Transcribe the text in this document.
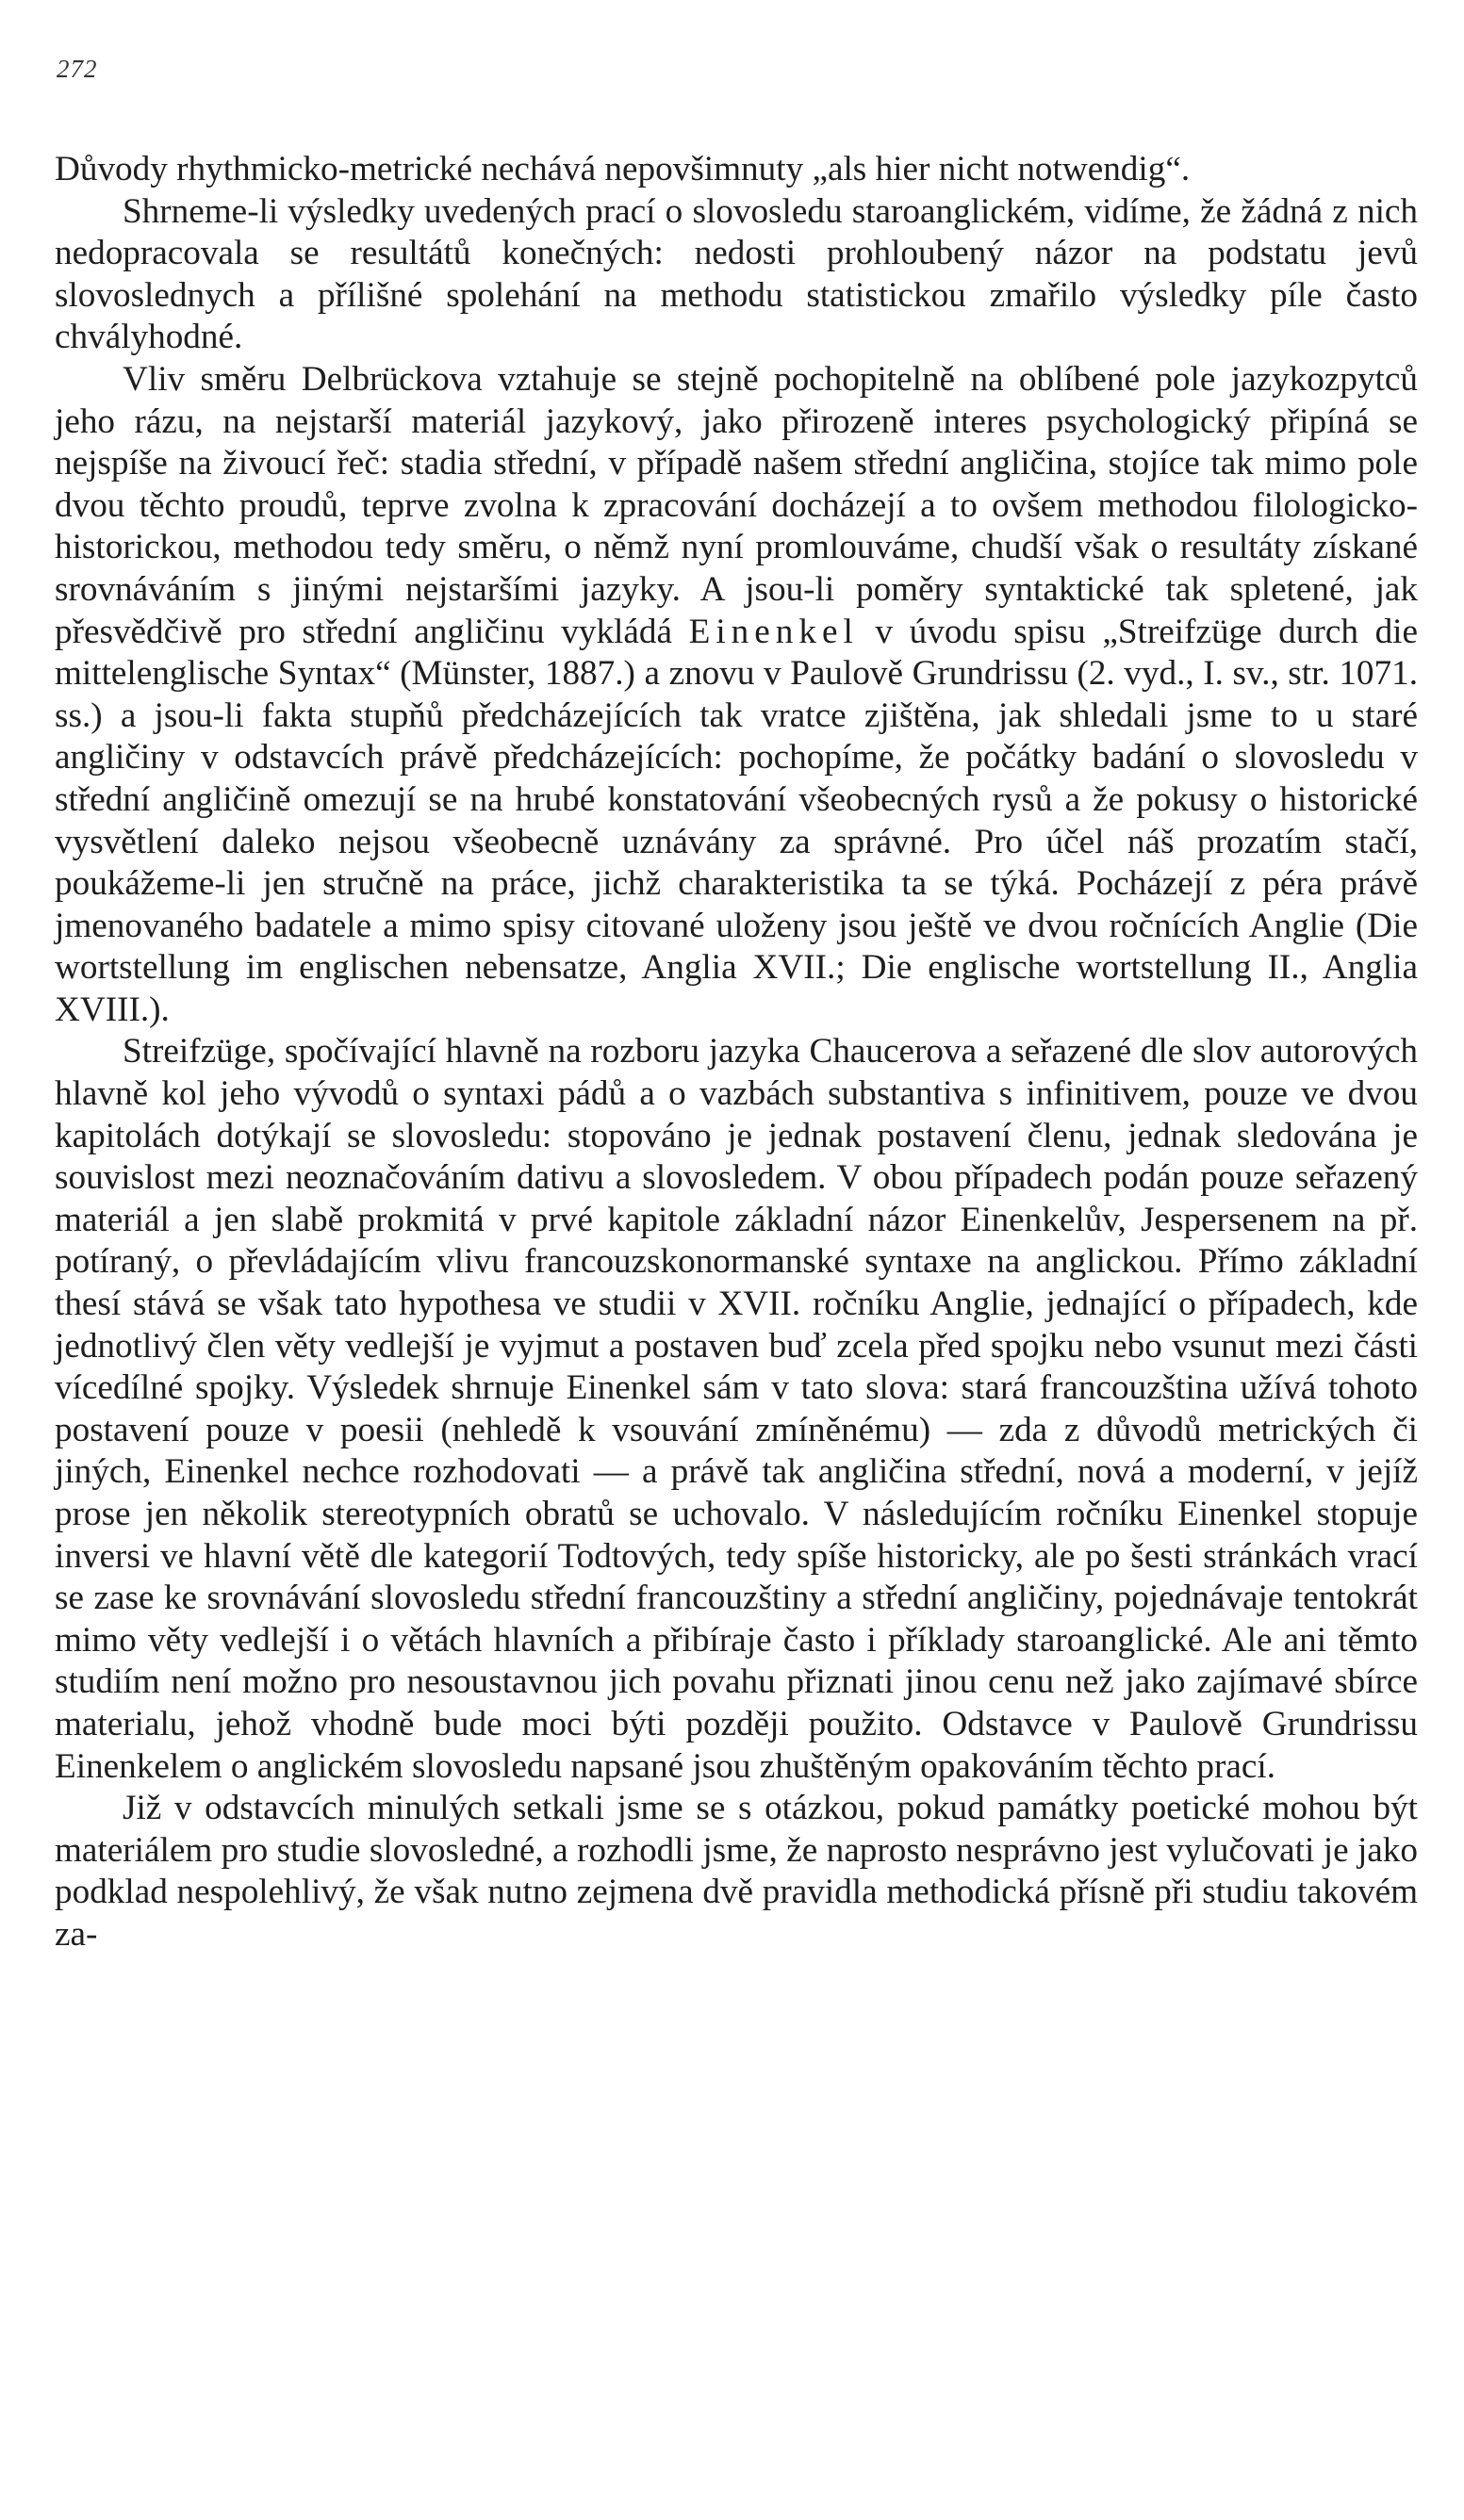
272

Důvody rhythmicko-metrické nechává nepovšimnuty „als hier nicht notwendig“.

Shrneme-li výsledky uvedených prací o slovosledu staroanglickém, vidíme, že žádná z nich nedopracovala se resultátů konečných: nedosti prohloubený názor na podstatu jevů slovoslednych a přílišné spolehání na methodu statistickou zmařilo výsledky píle často chvályhodné.

Vliv směru Delbrückova vztahuje se stejně pochopitelně na oblíbené pole jazykozpytců jeho rázu, na nejstarší materiál jazykový, jako přirozeně interes psychologický připíná se nejspíše na živoucí řeč: stadia střední, v případě našem střední angličina, stojíce tak mimo pole dvou těchto proudů, teprve zvolna k zpracování docházejí a to ovšem methodou filologicko-historickou, methodou tedy směru, o němž nyní promlouváme, chudší však o resultáty získané srovnáváním s jinými nejstaršími jazyky. A jsou-li poměry syntaktické tak spletené, jak přesvědčivě pro střední angličinu vykládá Einenkel v úvodu spisu „Streifzüge durch die mittelenglische Syntax“ (Münster, 1887.) a znovu v Paulově Grundrissu (2. vyd., I. sv., str. 1071. ss.) a jsou-li fakta stupňů předcházejících tak vratce zjištěna, jak shledali jsme to u staré angličiny v odstavcích právě předcházejících: pochopíme, že počátky badání o slovosledu v střední angličině omezují se na hrubé konstatování všeobecných rysů a že pokusy o historické vysvětlení daleko nejsou všeobecně uznávány za správné. Pro účel náš prozatím stačí, poukážeme-li jen stručně na práce, jichž charakteristika ta se týká. Pocházejí z péra právě jmenovaného badatele a mimo spisy citované uloženy jsou ještě ve dvou ročnících Anglie (Die wortstellung im englischen nebensatze, Anglia XVII.; Die englische wortstellung II., Anglia XVIII.).

Streifzüge, spočívající hlavně na rozboru jazyka Chaucerova a seřazené dle slov autorových hlavně kol jeho vývodů o syntaxi pádů a o vazbách substantiva s infinitivem, pouze ve dvou kapitolách dotýkají se slovosledu: stopováno je jednak postavení členu, jednak sledována je souvislost mezi neoznačováním dativu a slovosledem. V obou případech podán pouze seřazený materiál a jen slabě prokmitá v prvé kapitole základní názor Einenkelův, Jespersenem na př. potíraný, o převládajícím vlivu francouzskonormanské syntaxe na anglickou. Přímo základní thesí stává se však tato hypothesa ve studii v XVII. ročníku Anglie, jednající o případech, kde jednotlivý člen věty vedlejší je vyjmut a postaven buď zcela před spojku nebo vsunut mezi části vícedílné spojky. Výsledek shrnuje Einenkel sám v tato slova: stará francouzština užívá tohoto postavení pouze v poesii (nehledě k vsouvání zmíněnému) — zda z důvodů metrických či jiných, Einenkel nechce rozhodovati — a právě tak angličina střední, nová a moderní, v jejíž prose jen několik stereotypních obratů se uchovalo. V následujícím ročníku Einenkel stopuje inversi ve hlavní větě dle kategorií Todtových, tedy spíše historicky, ale po šesti stránkách vrací se zase ke srovnávání slovosledu střední francouzštiny a střední angličiny, pojednávaje tentokrát mimo věty vedlejší i o větách hlavních a přibíraje často i příklady staroanglické. Ale ani těmto studiím není možno pro nesoustavnou jich povahu přiznati jinou cenu než jako zajímavé sbírce materialu, jehož vhodně bude moci býti později použito. Odstavce v Paulově Grundrissu Einenkelem o anglickém slovosledu napsané jsou zhuštěným opakováním těchto prací.

Již v odstavcích minulých setkali jsme se s otázkou, pokud památky poetické mohou být materiálem pro studie slovosledné, a rozhodli jsme, že naprosto nesprávno jest vylučovati je jako podklad nespolehlivý, že však nutno zejmena dvě pravidla methodická přísně při studiu takovém za-
